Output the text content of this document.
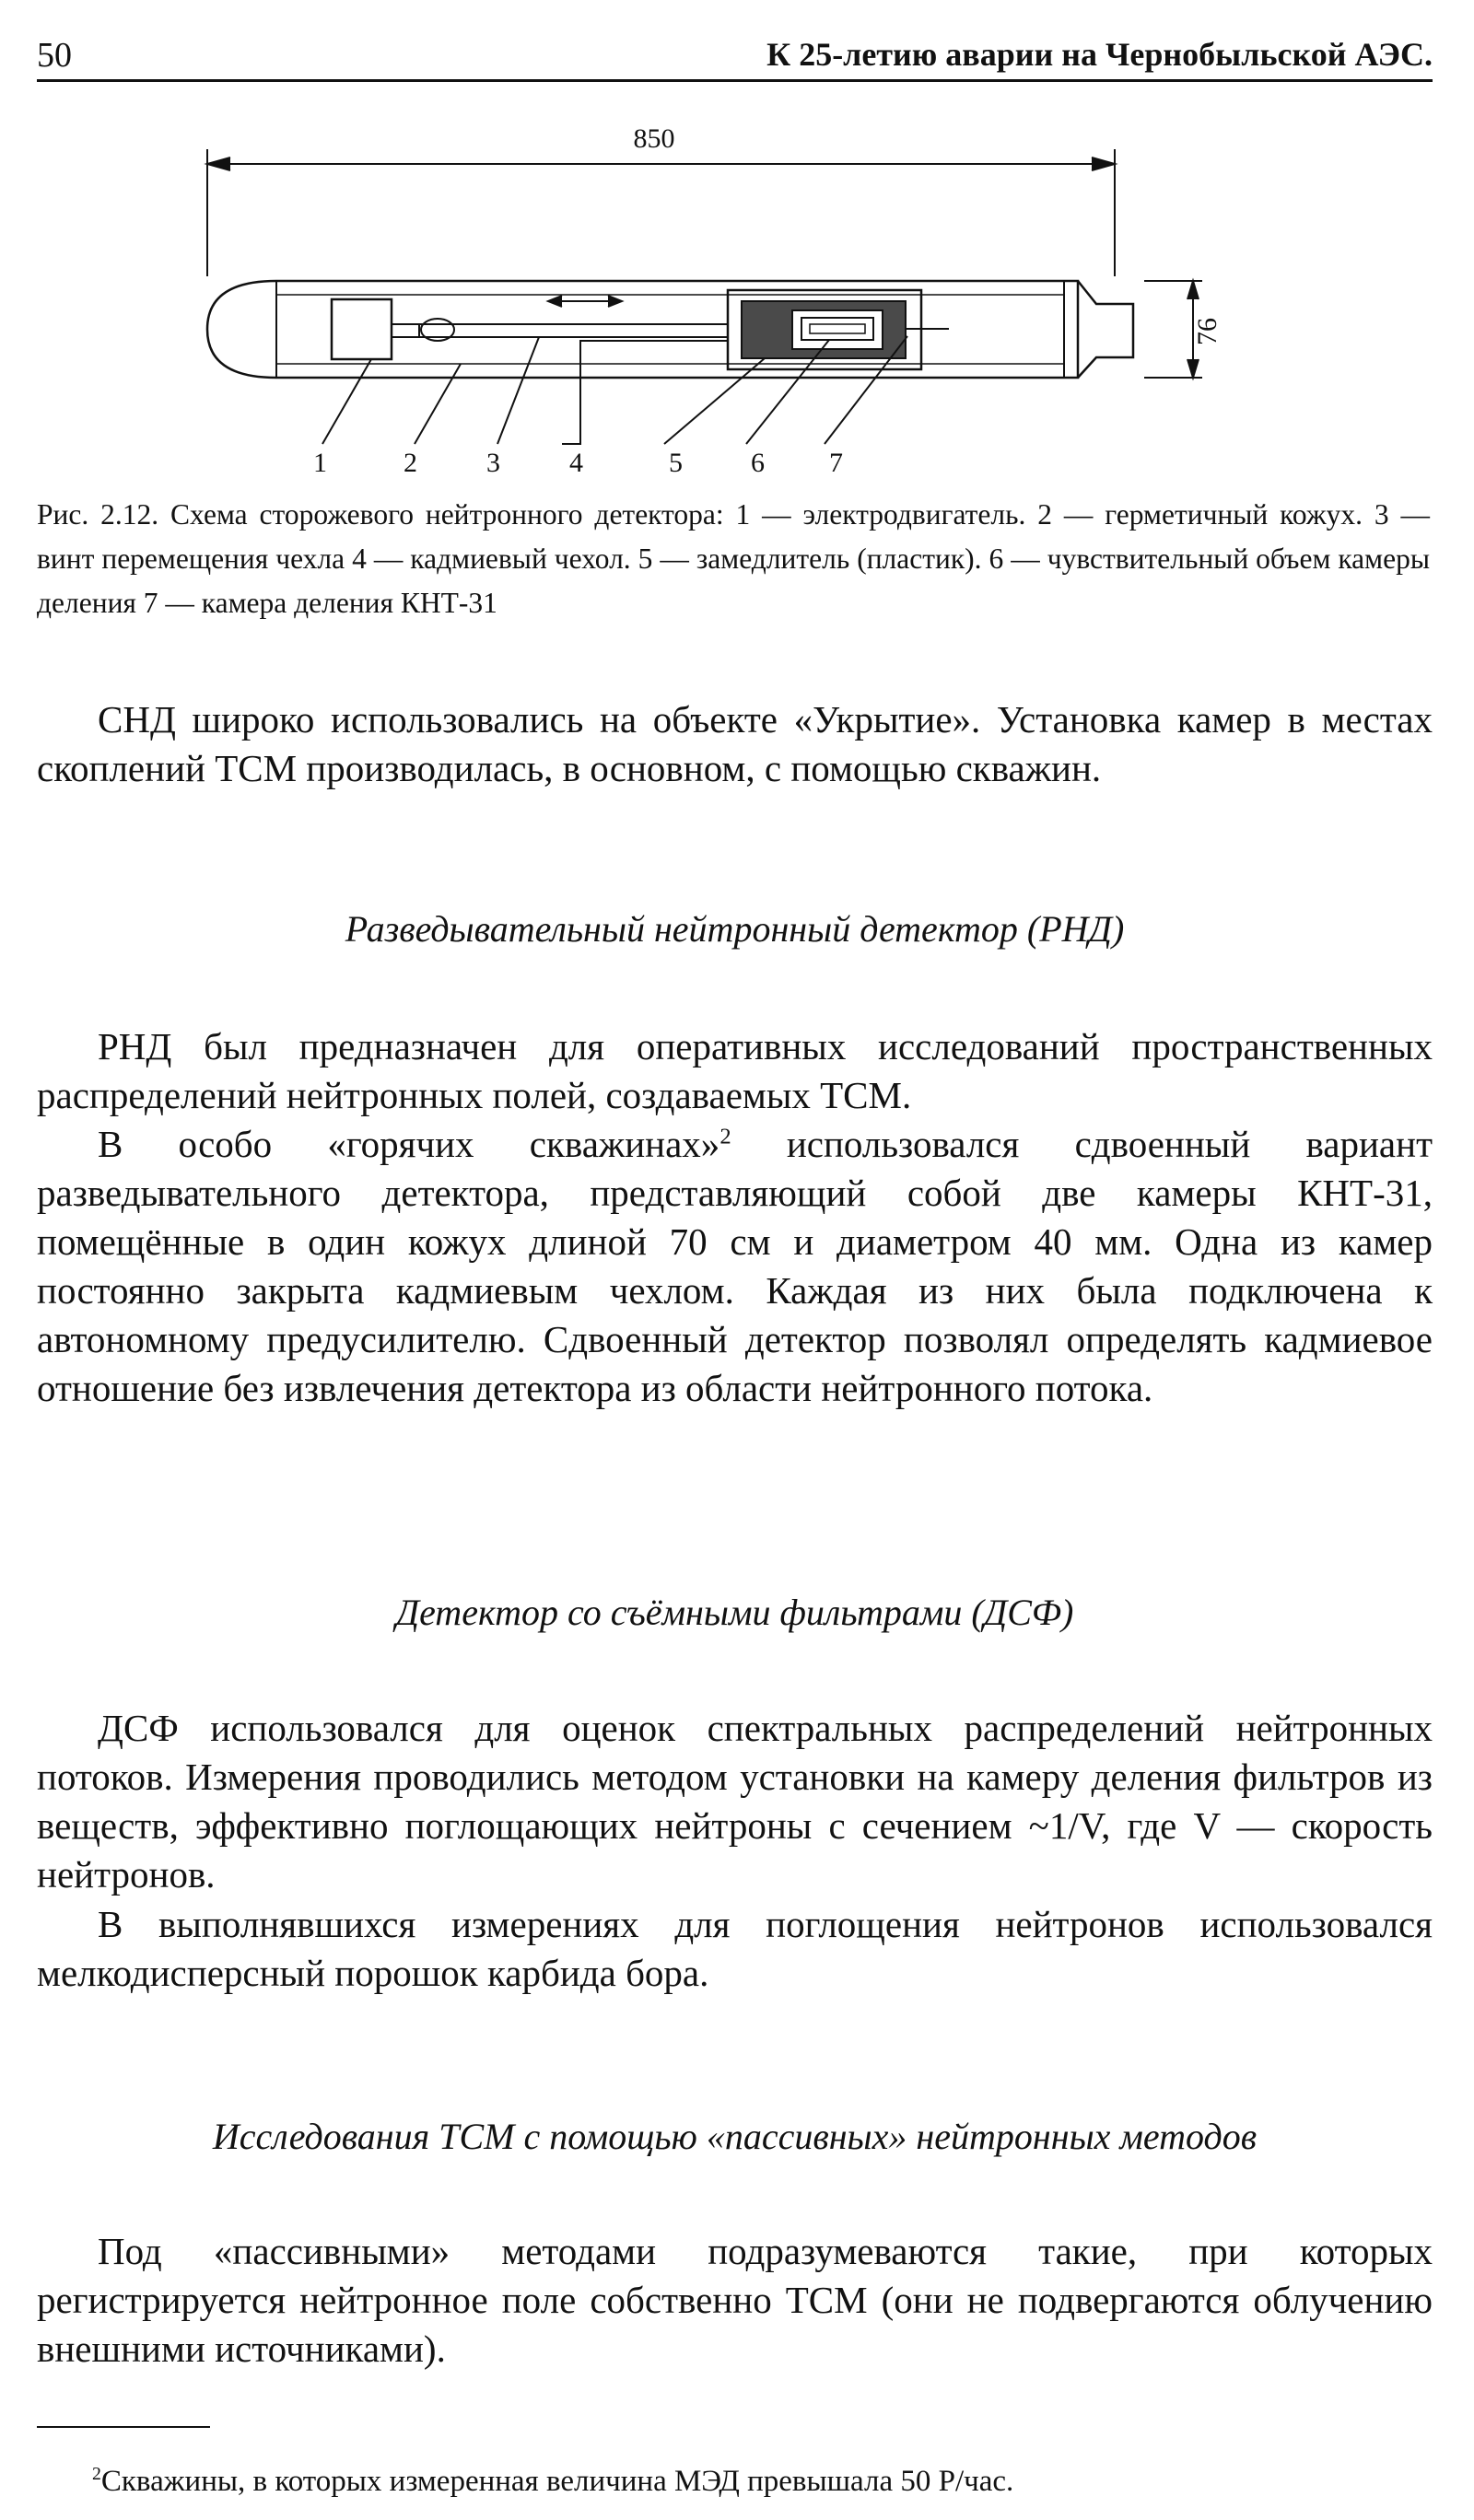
50	К 25-летию аварии на Чернобыльской АЭС.
850
76
1	2	3	4	5 6 7
Рис. 2.12. Схема сторожевого нейтронного детектора: 1 — электродвигатель. 2 — герметичный кожух. 3 — винт перемещения чехла 4 — кадмиевый чехол. 5 — замедлитель (пластик). 6 — чувствительный объем камеры деления 7 — камера деления КНТ-31
СНД широко использовались на объекте «Укрытие». Установка камер в местах скоплений ТСМ производилась, в основном, с помощью скважин.
Разведывательный нейтронный детектор (РНД)
РНД был предназначен для оперативных исследований пространственных распределений нейтронных полей, создаваемых ТСМ.
В особо «горячих скважинах»$^2$ использовался сдвоенный вариант разведывательного детектора, представляющий собой две камеры КНТ-31, помещённые в один кожух длиной 70 см и диаметром 40 мм. Одна из камер постоянно закрыта кадмиевым чехлом. Каждая из них была подключена к автономному предусилителю. Сдвоенный детектор позволял определять кадмиевое отношение без извлечения детектора из области нейтронного потока.
Детектор со съёмными фильтрами (ДСФ)
ДСФ использовался для оценок спектральных распределений нейтронных потоков. Измерения проводились методом установки на камеру деления фильтров из веществ, эффективно поглощающих нейтроны с сечением ~1/V, где V — скорость нейтронов.
В выполнявшихся измерениях для поглощения нейтронов использовался мелкодисперсный порошок карбида бора.
Исследования ТСМ с помощью «пассивных» нейтронных методов
Под «пассивными» методами подразумеваются такие, при которых регистрируется нейтронное поле собственно ТСМ (они не подвергаются облучению внешними источниками).
$^2$Скважины, в которых измеренная величина МЭД превышала 50 Р/час.
